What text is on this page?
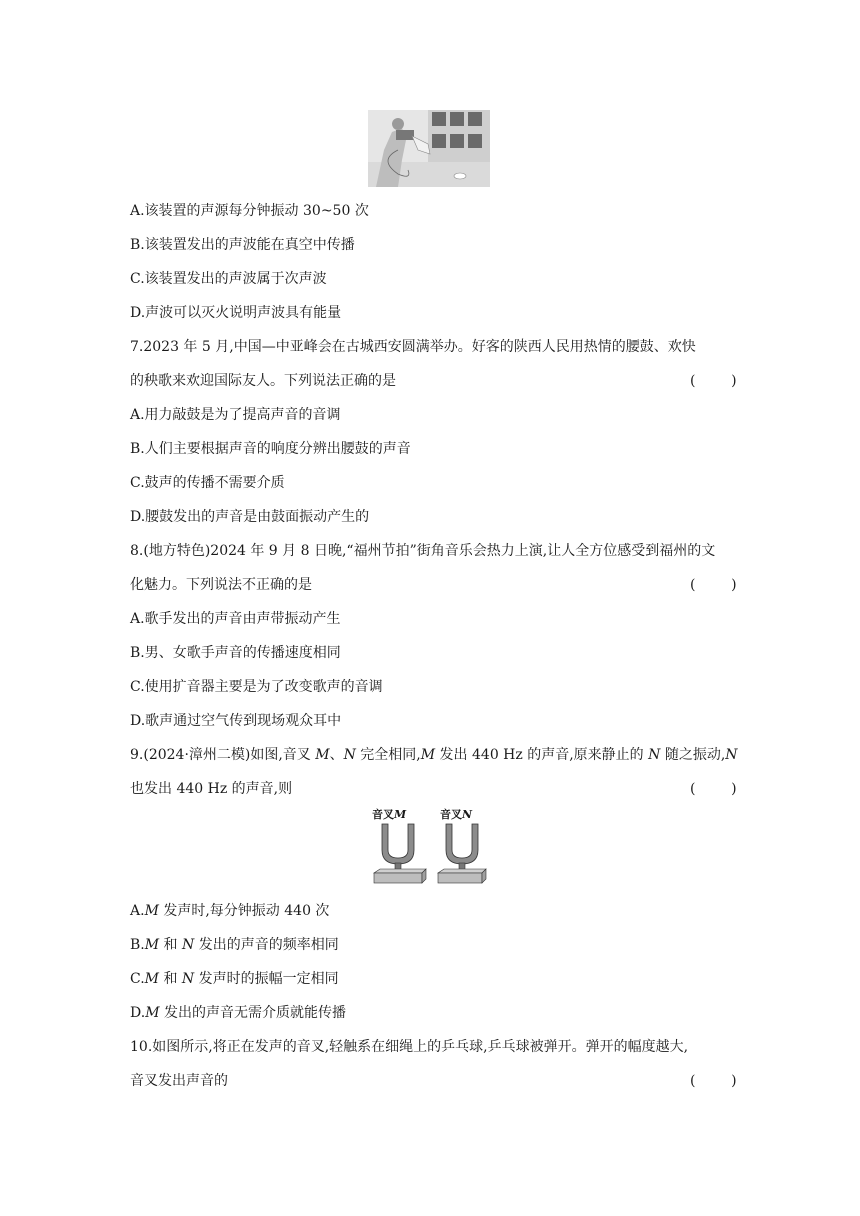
A.该装置的声源每分钟振动 30~50 次
B.该装置发出的声波能在真空中传播
C.该装置发出的声波属于次声波
D.声波可以灭火说明声波具有能量
7.2023 年 5 月,中国—中亚峰会在古城西安圆满举办。好客的陕西人民用热情的腰鼓、欢快
的秧歌来欢迎国际友人。下列说法正确的是	(        )
A.用力敲鼓是为了提高声音的音调
B.人们主要根据声音的响度分辨出腰鼓的声音
C.鼓声的传播不需要介质
D.腰鼓发出的声音是由鼓面振动产生的
8.(地方特色)2024 年 9 月 8 日晚,“福州节拍”街角音乐会热力上演,让人全方位感受到福州的文
化魅力。下列说法不正确的是	(        )
A.歌手发出的声音由声带振动产生
B.男、女歌手声音的传播速度相同
C.使用扩音器主要是为了改变歌声的音调
D.歌声通过空气传到现场观众耳中
9.(2024·漳州二模)如图,音叉 M、N 完全相同,M 发出 440 Hz 的声音,原来静止的 N 随之振动,N
也发出 440 Hz 的声音,则	(        )
音叉M	音叉N
A.M 发声时,每分钟振动 440 次
B.M 和 N 发出的声音的频率相同
C.M 和 N 发声时的振幅一定相同
D.M 发出的声音无需介质就能传播
10.如图所示,将正在发声的音叉,轻触系在细绳上的乒乓球,乒乓球被弹开。弹开的幅度越大,
音叉发出声音的	(        )
